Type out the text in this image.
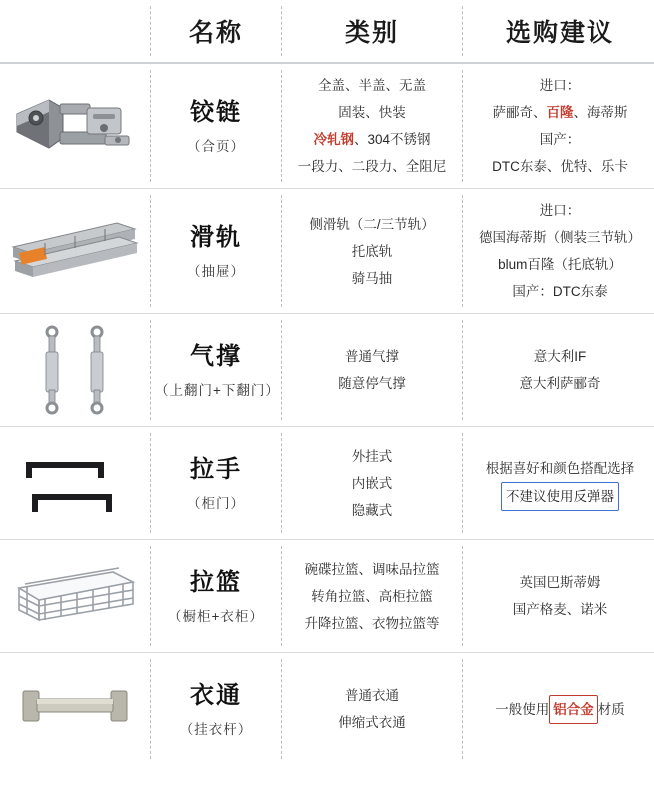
名称	类别	选购建议
铰链
（合页）
全盖、半盖、无盖
固装、快装
冷轧钢、304不锈钢
一段力、二段力、全阻尼
进口：
萨郦奇、百隆、海蒂斯
国产：
DTC东泰、优特、乐卡
滑轨
（抽屉）
侧滑轨（二/三节轨）
托底轨
骑马抽
进口：
德国海蒂斯（侧装三节轨）
blum百隆（托底轨）
国产：DTC东泰
气撑
（上翻门+下翻门）
普通气撑
随意停气撑
意大利IF
意大利萨郦奇
拉手
（柜门）
外挂式
内嵌式
隐藏式
根据喜好和颜色搭配选择
不建议使用反弹器
拉篮
（橱柜+衣柜）
碗碟拉篮、调味品拉篮
转角拉篮、高柜拉篮
升降拉篮、衣物拉篮等
英国巴斯蒂姆
国产格麦、诺米
衣通
（挂衣杆）
普通衣通
伸缩式衣通
一般使用 铝合金 材质
